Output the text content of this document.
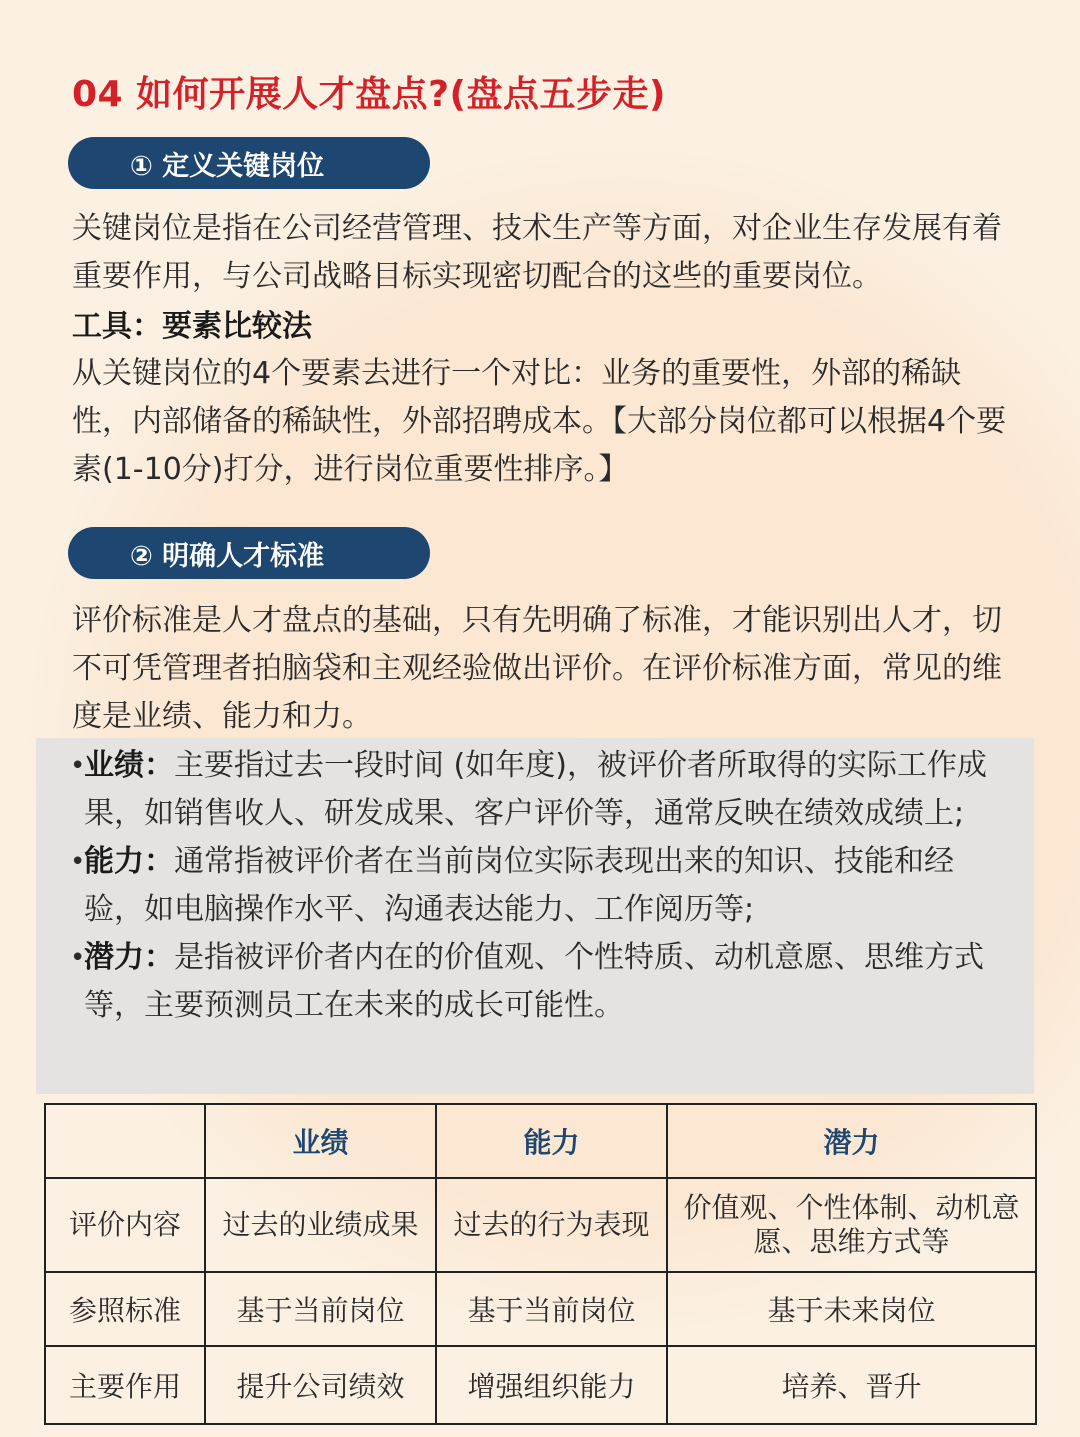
04 如何开展人才盘点?(盘点五步走)
① 定义关键岗位

关键岗位是指在公司经营管理、技术生产等方面，对企业生存发展有着重要作用，与公司战略目标实现密切配合的这些的重要岗位。

工具：要素比较法

从关键岗位的4个要素去进行一个对比：业务的重要性，外部的稀缺性，内部储备的稀缺性，外部招聘成本。【大部分岗位都可以根据4个要素(1-10分)打分，进行岗位重要性排序。】

② 明确人才标准

评价标准是人才盘点的基础，只有先明确了标准，才能识别出人才，切不可凭管理者拍脑袋和主观经验做出评价。在评价标准方面，常见的维度是业绩、能力和力。

• 业绩：主要指过去一段时间 (如年度)，被评价者所取得的实际工作成果，如销售收人、研发成果、客户评价等，通常反映在绩效成绩上;
• 能力：通常指被评价者在当前岗位实际表现出来的知识、技能和经验，如电脑操作水平、沟通表达能力、工作阅历等;
• 潜力：是指被评价者内在的价值观、个性特质、动机意愿、思维方式等，主要预测员工在未来的成长可能性。
	业绩	能力	潜力
评价内容	过去的业绩成果	过去的行为表现	价值观、个性体制、动机意愿、思维方式等
参照标准	基于当前岗位	基于当前岗位	基于未来岗位
主要作用	提升公司绩效	增强组织能力	培养、晋升
